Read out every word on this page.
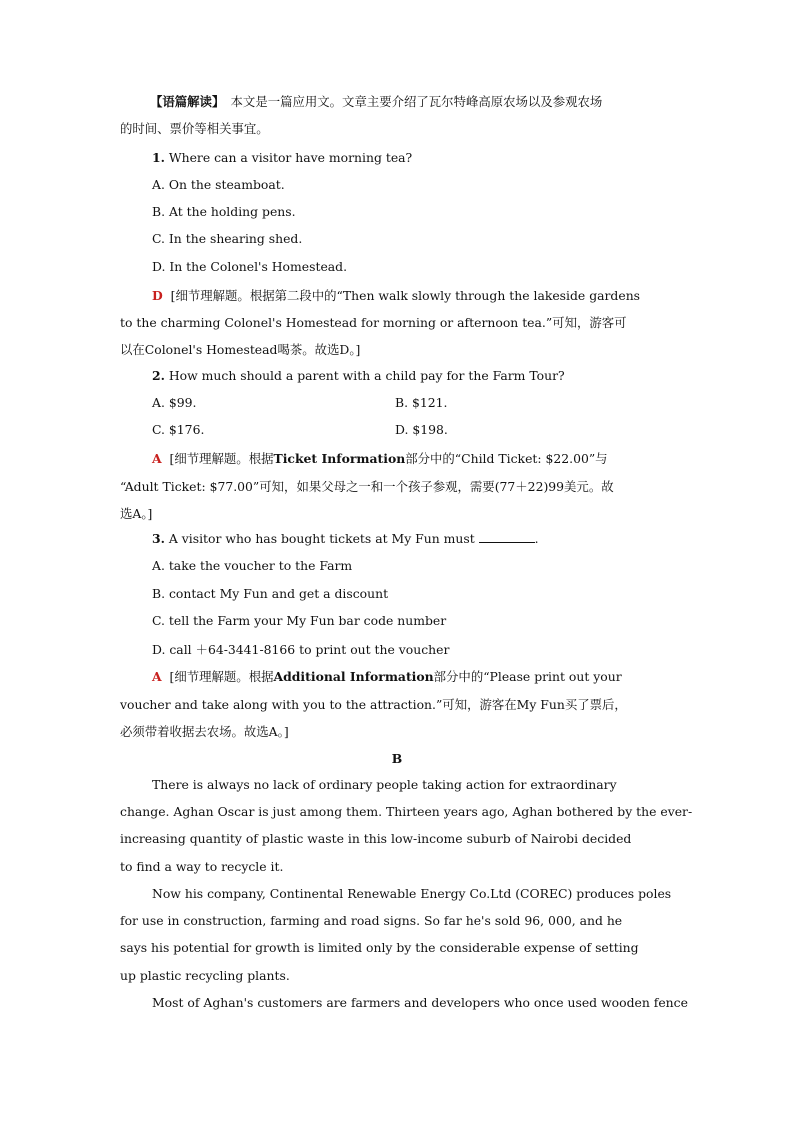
【语篇解读】　本文是一篇应用文。文章主要介绍了瓦尔特峰高原农场以及参观农场
的时间、票价等相关事宜。
1. Where can a visitor have morning tea?
A. On the steamboat.
B. At the holding pens.
C. In the shearing shed.
D. In the Colonel's Homestead.
D [细节理解题。根据第二段中的“Then walk slowly through the lakeside gardens
to the charming Colonel's Homestead for morning or afternoon tea.”可知，游客可
以在Colonel's Homestead喝茶。故选D。]
2. How much should a parent with a child pay for the Farm Tour?
A. $99.	B. $121.
C. $176.	D. $198.
A [细节理解题。根据Ticket Information部分中的“Child Ticket: $22.00”与
“Adult Ticket: $77.00”可知，如果父母之一和一个孩子参观，需要(77＋22)99美元。故
选A。]
3. A visitor who has bought tickets at My Fun must	.
A. take the voucher to the Farm
B. contact My Fun and get a discount
C. tell the Farm your My Fun bar code number
D. call ＋64-3441-8166 to print out the voucher
A [细节理解题。根据Additional Information部分中的“Please print out your
voucher and take along with you to the attraction.”可知，游客在My Fun买了票后，
必须带着收据去农场。故选A。]
B
There is always no lack of ordinary people taking action for extraordinary
change. Aghan Oscar is just among them. Thirteen years ago, Aghan bothered by the ever-
increasing quantity of plastic waste in this low-income suburb of Nairobi decided
to find a way to recycle it.
Now his company, Continental Renewable Energy Co.Ltd (COREC) produces poles
for use in construction, farming and road signs. So far he's sold 96, 000, and he
says his potential for growth is limited only by the considerable expense of setting
up plastic recycling plants.
Most of Aghan's customers are farmers and developers who once used wooden fence
